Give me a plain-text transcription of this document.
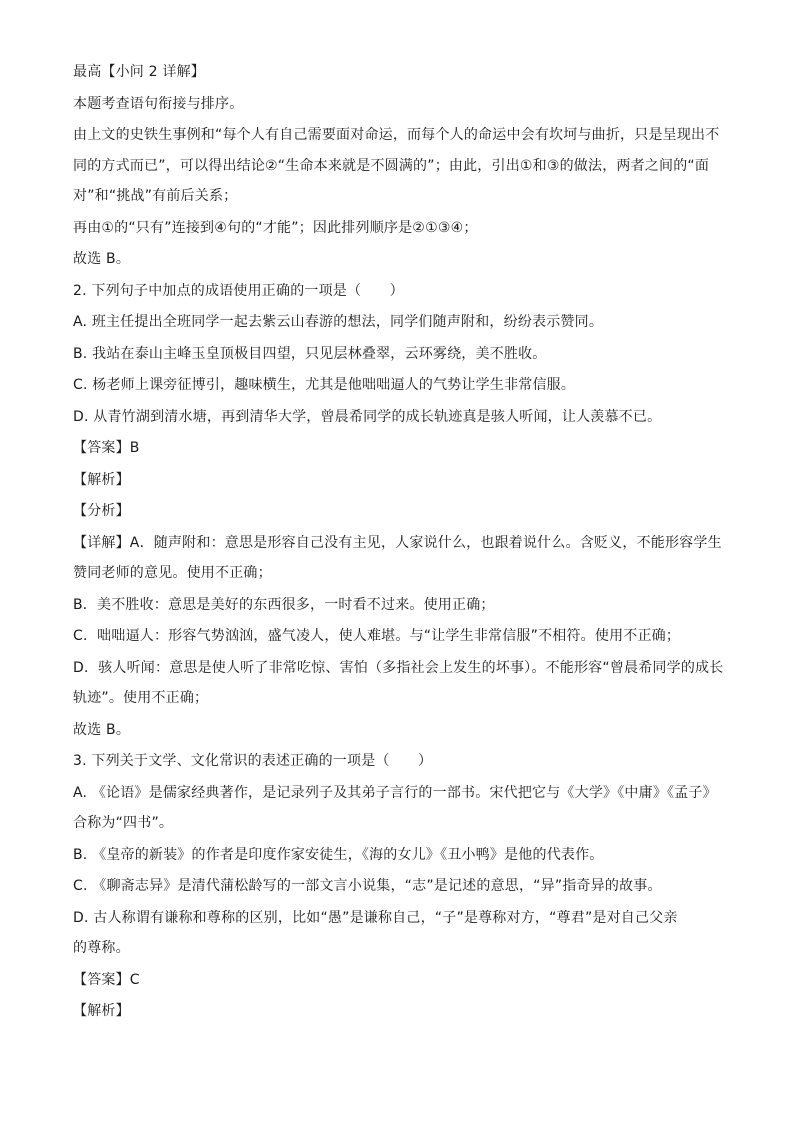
最高【小问 2 详解】
本题考查语句衔接与排序。
由上文的史铁生事例和“每个人有自己需要面对命运，而每个人的命运中会有坎坷与曲折，只是呈现出不
同的方式而已”，可以得出结论②“生命本来就是不圆满的”；由此，引出①和③的做法，两者之间的“面
对”和“挑战”有前后关系；
再由①的“只有”连接到④句的“才能”；因此排列顺序是②①③④；
故选 B。
2. 下列句子中加点的成语使用正确的一项是（　　）
A. 班主任提出全班同学一起去紫云山春游的想法，同学们随声附和，纷纷表示赞同。
B. 我站在泰山主峰玉皇顶极目四望，只见层林叠翠，云环雾绕，美不胜收。
C. 杨老师上课旁征博引，趣味横生，尤其是他咄咄逼人的气势让学生非常信服。
D. 从青竹湖到清水塘，再到清华大学，曾晨希同学的成长轨迹真是骇人听闻，让人羡慕不已。
【答案】B
【解析】
【分析】
【详解】A．随声附和：意思是形容自己没有主见，人家说什么，也跟着说什么。含贬义，不能形容学生
赞同老师的意见。使用不正确；
B．美不胜收：意思是美好的东西很多，一时看不过来。使用正确；
C．咄咄逼人：形容气势汹汹，盛气凌人，使人难堪。与“让学生非常信服”不相符。使用不正确；
D．骇人听闻：意思是使人听了非常吃惊、害怕（多指社会上发生的坏事）。不能形容“曾晨希同学的成长
轨迹”。使用不正确；
故选 B。
3. 下列关于文学、文化常识的表述正确的一项是（　　）
A. 《论语》是儒家经典著作，是记录列子及其弟子言行的一部书。宋代把它与《大学》《中庸》《孟子》
合称为“四书”。
B. 《皇帝的新装》的作者是印度作家安徒生，《海的女儿》《丑小鸭》是他的代表作。
C. 《聊斋志异》是清代蒲松龄写的一部文言小说集，“志”是记述的意思，“异”指奇异的故事。
D. 古人称谓有谦称和尊称的区别，比如“愚”是谦称自己，“子”是尊称对方，“尊君”是对自己父亲
的尊称。
【答案】C
【解析】
